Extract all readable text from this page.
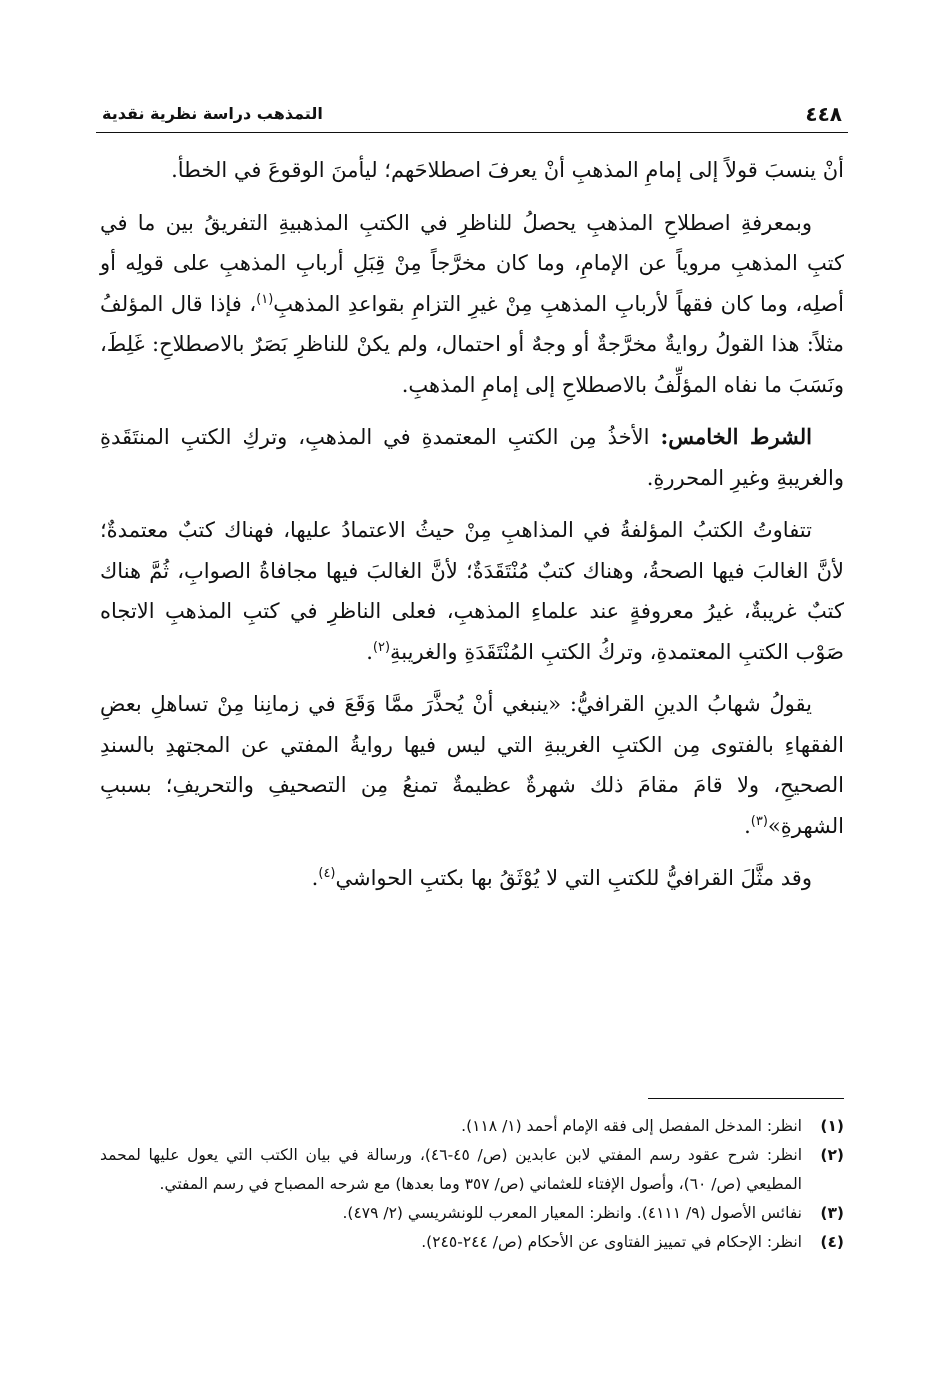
٤٤٨
التمذهب دراسة نظرية نقدية

أنْ ينسبَ قولاً إلى إمامِ المذهبِ أنْ يعرفَ اصطلاحَهم؛ ليأمنَ الوقوعَ في الخطأ.

وبمعرفةِ اصطلاحِ المذهبِ يحصلُ للناظرِ في الكتبِ المذهبيةِ التفريقُ بين ما في كتبِ المذهبِ مروياً عن الإمامِ، وما كان مخرَّجاً مِنْ قِبَلِ أربابِ المذهبِ على قولِه أو أصلِه، وما كان فقهاً لأربابِ المذهبِ مِنْ غيرِ التزامِ بقواعدِ المذهبِ$^{(١)}$، فإذا قال المؤلفُ مثلاً: هذا القولُ روايةٌ مخرَّجةٌ أو وجهٌ أو احتمال، ولم يكنْ للناظرِ بَصَرٌ بالاصطلاحِ: غَلِطَ، ونَسَبَ ما نفاه المؤلِّفُ بالاصطلاحِ إلى إمامِ المذهبِ.

الشرط الخامس: الأخذُ مِن الكتبِ المعتمدةِ في المذهبِ، وتركِ الكتبِ المنتَقَدةِ والغريبةِ وغيرِ المحررةِ.

تتفاوتُ الكتبُ المؤلفةُ في المذاهبِ مِنْ حيثُ الاعتمادُ عليها، فهناك كتبٌ معتمدةٌ؛ لأنَّ الغالبَ فيها الصحةُ، وهناك كتبٌ مُنْتَقَدَةٌ؛ لأنَّ الغالبَ فيها مجافاةُ الصوابِ، ثُمَّ هناك كتبٌ غريبةٌ، غيرُ معروفةٍ عند علماءِ المذهبِ، فعلى الناظرِ في كتبِ المذهبِ الاتجاه صَوْب الكتبِ المعتمدةِ، وتركُ الكتبِ المُنْتَقَدَةِ والغريبةِ$^{(٢)}$.

يقولُ شهابُ الدينِ القرافيُّ: «ينبغي أنْ يُحذَّرَ ممَّا وَقَعَ في زمانِنا مِنْ تساهلِ بعضِ الفقهاءِ بالفتوى مِن الكتبِ الغريبةِ التي ليس فيها روايةُ المفتي عن المجتهدِ بالسندِ الصحيحِ، ولا قامَ مقامَ ذلك شهرةٌ عظيمةٌ تمنعُ مِن التصحيفِ والتحريفِ؛ بسببِ الشهرةِ»$^{(٣)}$.

وقد مثَّلَ القرافيُّ للكتبِ التي لا يُوْثَقُ بها بكتبِ الحواشي$^{(٤)}$.

(١)
انظر: المدخل المفصل إلى فقه الإمام أحمد (١/ ١١٨).
(٢)
انظر: شرح عقود رسم المفتي لابن عابدين (ص/ ٤٥-٤٦)، ورسالة في بيان الكتب التي يعول عليها لمحمد المطيعي (ص/ ٦٠)، وأصول الإفتاء للعثماني (ص/ ٣٥٧ وما بعدها) مع شرحه المصباح في رسم المفتي.
(٣)
نفائس الأصول (٩/ ٤١١١). وانظر: المعيار المعرب للونشريسي (٢/ ٤٧٩).
(٤)
انظر: الإحكام في تمييز الفتاوى عن الأحكام (ص/ ٢٤٤-٢٤٥).
